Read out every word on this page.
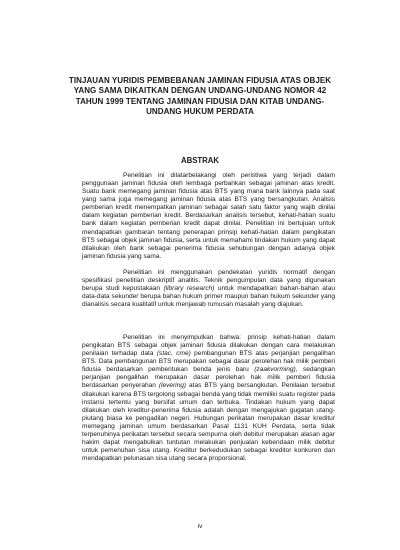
TINJAUAN YURIDIS PEMBEBANAN JAMINAN FIDUSIA ATAS OBJEK YANG SAMA DIKAITKAN DENGAN UNDANG-UNDANG NOMOR 42 TAHUN 1999 TENTANG JAMINAN FIDUSIA DAN KITAB UNDANG-UNDANG HUKUM PERDATA
ABSTRAK

Penelitian ini dilatarbelakangi oleh peristiwa yang terjadi dalam penggunaan jaminan fidusia oleh lembaga perbankan sebagai jaminan atas kredit. Suatu bank memegang jaminan fidusia atas BTS yang mana bank lainnya pada saat yang sama juga memegang jaminan fidusia atas BTS yang bersangkutan. Analisis pemberian kredit menempatkan jaminan sebagai salah satu faktor yang wajib dinilai dalam kegiatan pemberian kredit. Berdasarkan analisis tersebut, kehati-hatian suatu bank dalam kegiatan pemberian kredit dapat dinilai. Penelitian ini bertujuan untuk mendapatkan gambaran tentang penerapan prinsip kehati-hatian dalam pengikatan BTS sebagai objek jaminan fidusia, serta untuk memahami tindakan hukum yang dapat dilakukan oleh bank sebagai penerima fidusia sehubungan dengan adanya objek jaminan fidusia yang sama.

Penelitian ini menggunakan pendekatan yuridis normatif dengan spesifikasi penelitian deskriptif analitis. Teknik pengumpulan data yang digunakan berupa studi kepustakaan (library research) untuk mendapatkan bahan-bahan atau data-data sekunder berupa bahan hukum primer maupun bahan hukum sekunder yang dianalisis secara kualitatif untuk menjawab rumusan masalah yang diajukan.

Penelitian ini menyimpulkan bahwa: prinsip kehati-hatian dalam pengikatan BTS sebagai objek jaminan fidusia dilakukan dengan cara melakukan penilaian terhadap data (stac, cme) pembangunan BTS atas perjanjian pengalihan BTS. Data pembangunan BTS merupakan sebagai dasar perolehan hak milik pemberi fidusia berdasarkan pembentukan benda jenis baru (zaakvorming), sedangkan perjanjian pengalihan merupakan dasar perolehan hak milik pemberi fidusia berdasarkan penyerahan (levering) atas BTS yang bersangkutan. Penilaian tersebut dilakukan karena BTS tergolong sebagai benda yang tidak memiliki suatu register pada instansi tertentu yang bersifat umum dan terbuka. Tindakan hukum yang dapat dilakukan oleh kreditur-penerima fidusia adalah dengan mengajukan gugatan utang-piutang biasa ke pengadilan negeri. Hubungan perikatan merupakan dasar kreditur memegang jaminan umum berdasarkan Pasal 1131 KUH Perdata, serta tidak terpenuhinya perikatan tersebut secara sempurna oleh debitur merupakan alasan agar hakim dapat mengabulkan tuntutan melakukan penjualan kebendaan milik debitur untuk pemenuhan sisa utang. Kreditur berkedudukan sebagai kreditor konkuren dan mendapatkan pelunasan sisa utang secara proporsional.

iv
